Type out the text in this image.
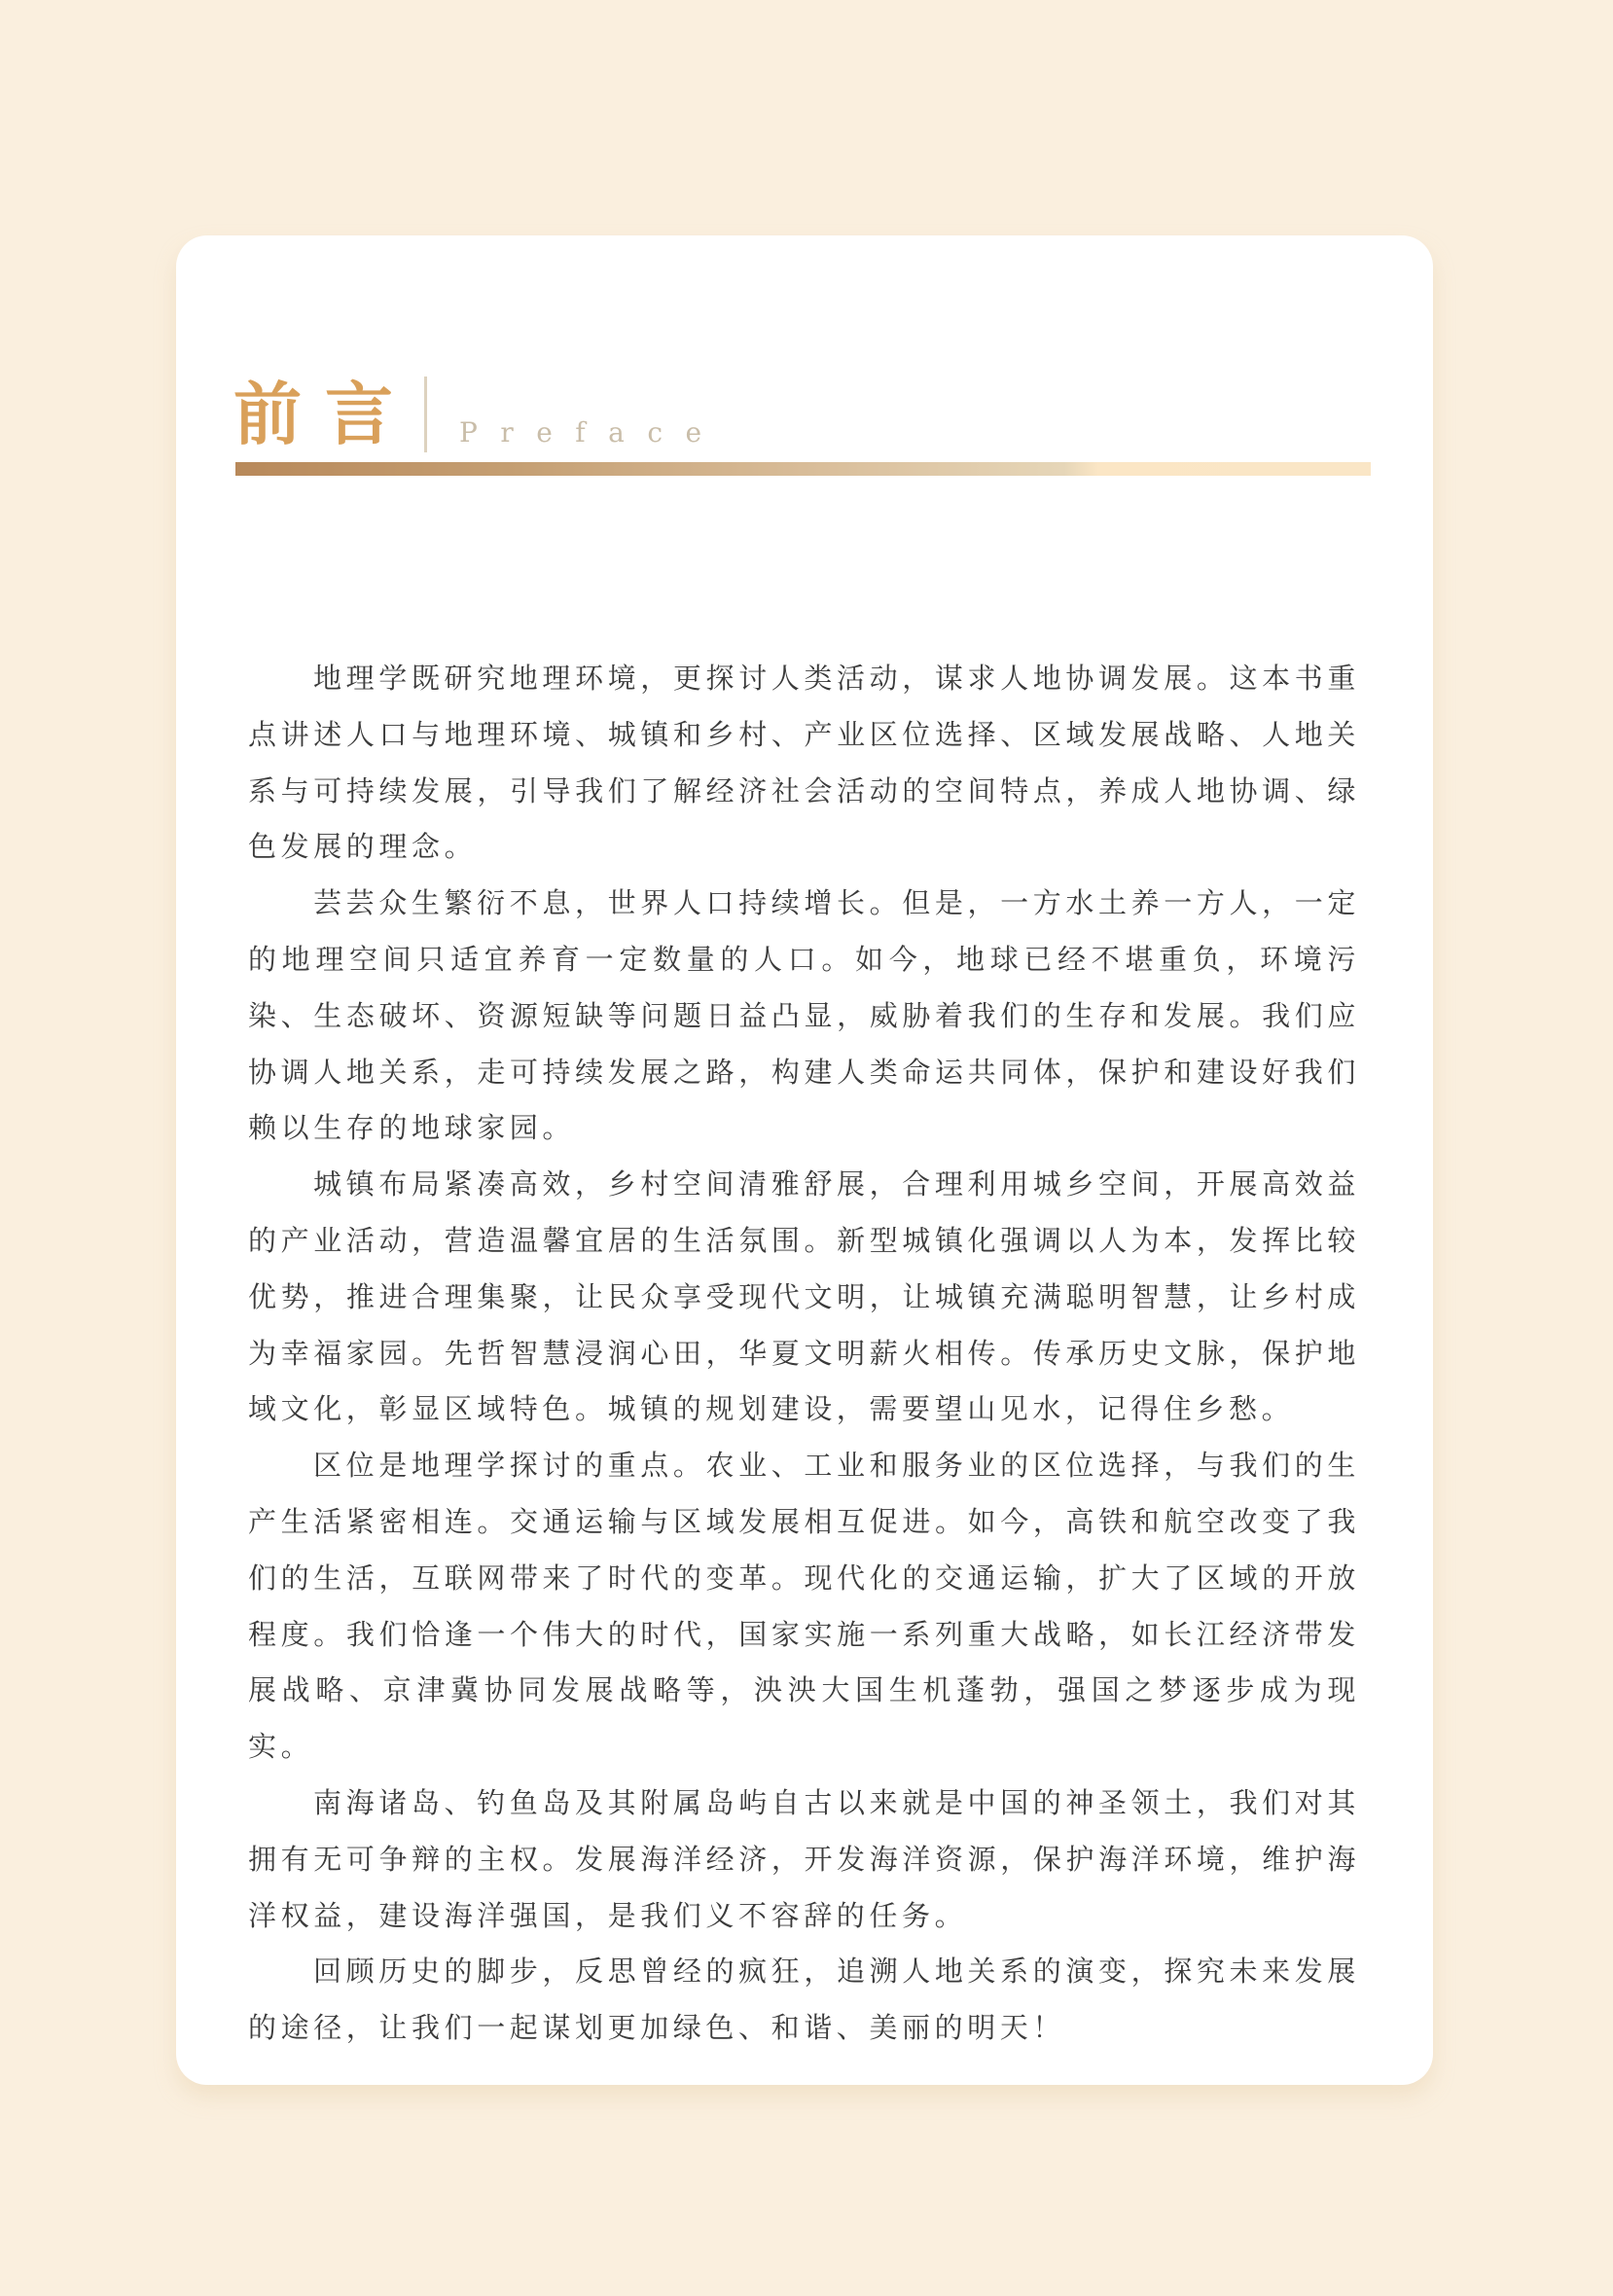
前言 Preface

地理学既研究地理环境，更探讨人类活动，谋求人地协调发展。这本书重点讲述人口与地理环境、城镇和乡村、产业区位选择、区域发展战略、人地关系与可持续发展，引导我们了解经济社会活动的空间特点，养成人地协调、绿色发展的理念。

芸芸众生繁衍不息，世界人口持续增长。但是，一方水土养一方人，一定的地理空间只适宜养育一定数量的人口。如今，地球已经不堪重负，环境污染、生态破坏、资源短缺等问题日益凸显，威胁着我们的生存和发展。我们应协调人地关系，走可持续发展之路，构建人类命运共同体，保护和建设好我们赖以生存的地球家园。

城镇布局紧凑高效，乡村空间清雅舒展，合理利用城乡空间，开展高效益的产业活动，营造温馨宜居的生活氛围。新型城镇化强调以人为本，发挥比较优势，推进合理集聚，让民众享受现代文明，让城镇充满聪明智慧，让乡村成为幸福家园。先哲智慧浸润心田，华夏文明薪火相传。传承历史文脉，保护地域文化，彰显区域特色。城镇的规划建设，需要望山见水，记得住乡愁。

区位是地理学探讨的重点。农业、工业和服务业的区位选择，与我们的生产生活紧密相连。交通运输与区域发展相互促进。如今，高铁和航空改变了我们的生活，互联网带来了时代的变革。现代化的交通运输，扩大了区域的开放程度。我们恰逢一个伟大的时代，国家实施一系列重大战略，如长江经济带发展战略、京津冀协同发展战略等，泱泱大国生机蓬勃，强国之梦逐步成为现实。

南海诸岛、钓鱼岛及其附属岛屿自古以来就是中国的神圣领土，我们对其拥有无可争辩的主权。发展海洋经济，开发海洋资源，保护海洋环境，维护海洋权益，建设海洋强国，是我们义不容辞的任务。

回顾历史的脚步，反思曾经的疯狂，追溯人地关系的演变，探究未来发展的途径，让我们一起谋划更加绿色、和谐、美丽的明天！
